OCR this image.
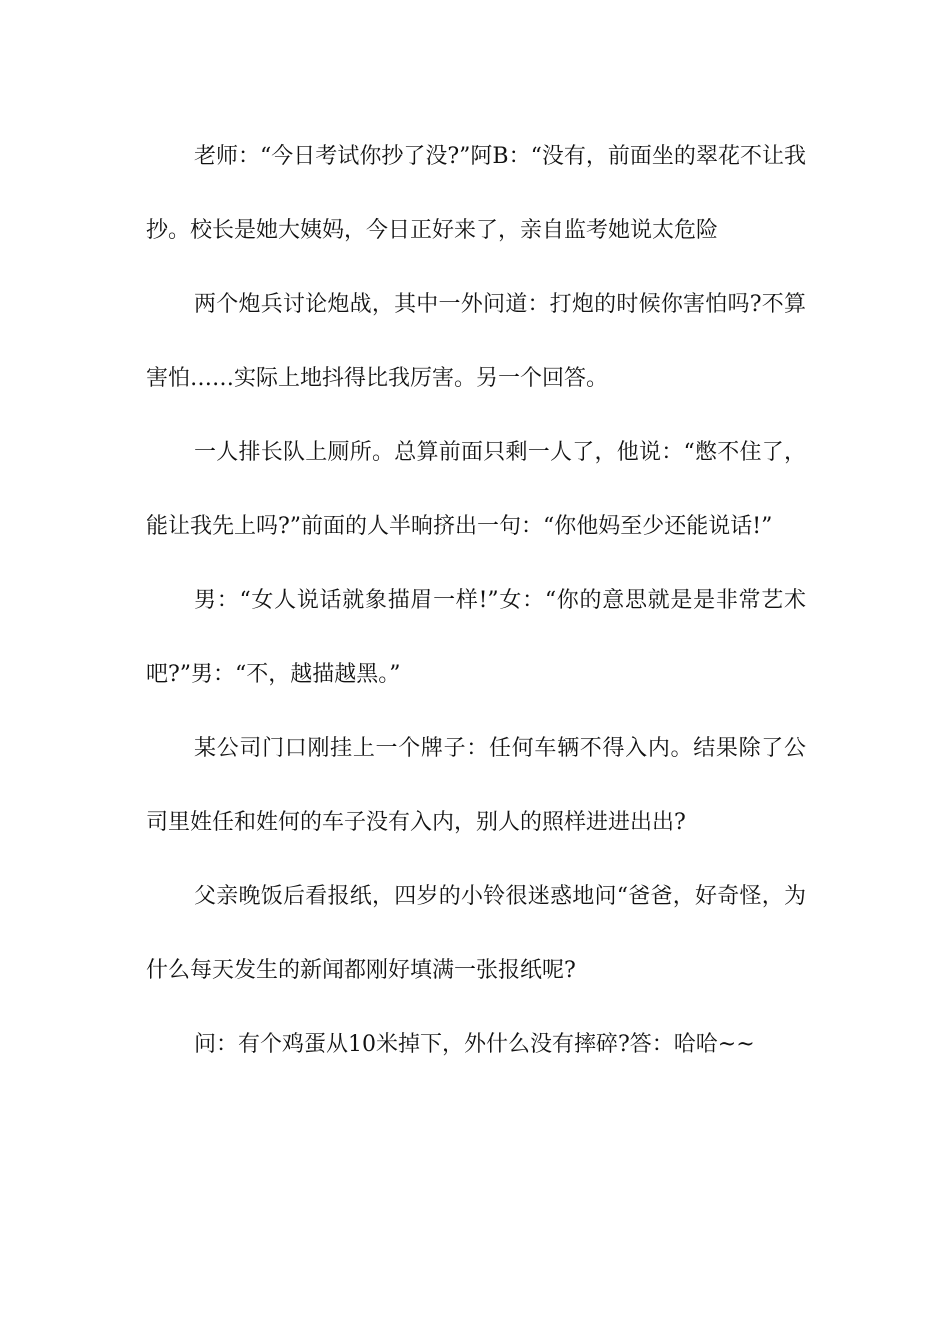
老师：“今日考试你抄了没?”阿B：“没有，前面坐的翠花不让我抄。校长是她大姨妈，今日正好来了，亲自监考她说太危险

两个炮兵讨论炮战，其中一外问道：打炮的时候你害怕吗?不算害怕……实际上地抖得比我厉害。另一个回答。

一人排长队上厕所。总算前面只剩一人了，他说：“憋不住了，能让我先上吗?”前面的人半晌挤出一句：“你他妈至少还能说话!”

男：“女人说话就象描眉一样!”女：“你的意思就是是非常艺术吧?”男：“不，越描越黑。”

某公司门口刚挂上一个牌子：任何车辆不得入内。结果除了公司里姓任和姓何的车子没有入内，别人的照样进进出出?

父亲晚饭后看报纸，四岁的小铃很迷惑地问“爸爸，好奇怪，为什么每天发生的新闻都刚好填满一张报纸呢?

问：有个鸡蛋从10米掉下，外什么没有摔碎?答：哈哈~~
